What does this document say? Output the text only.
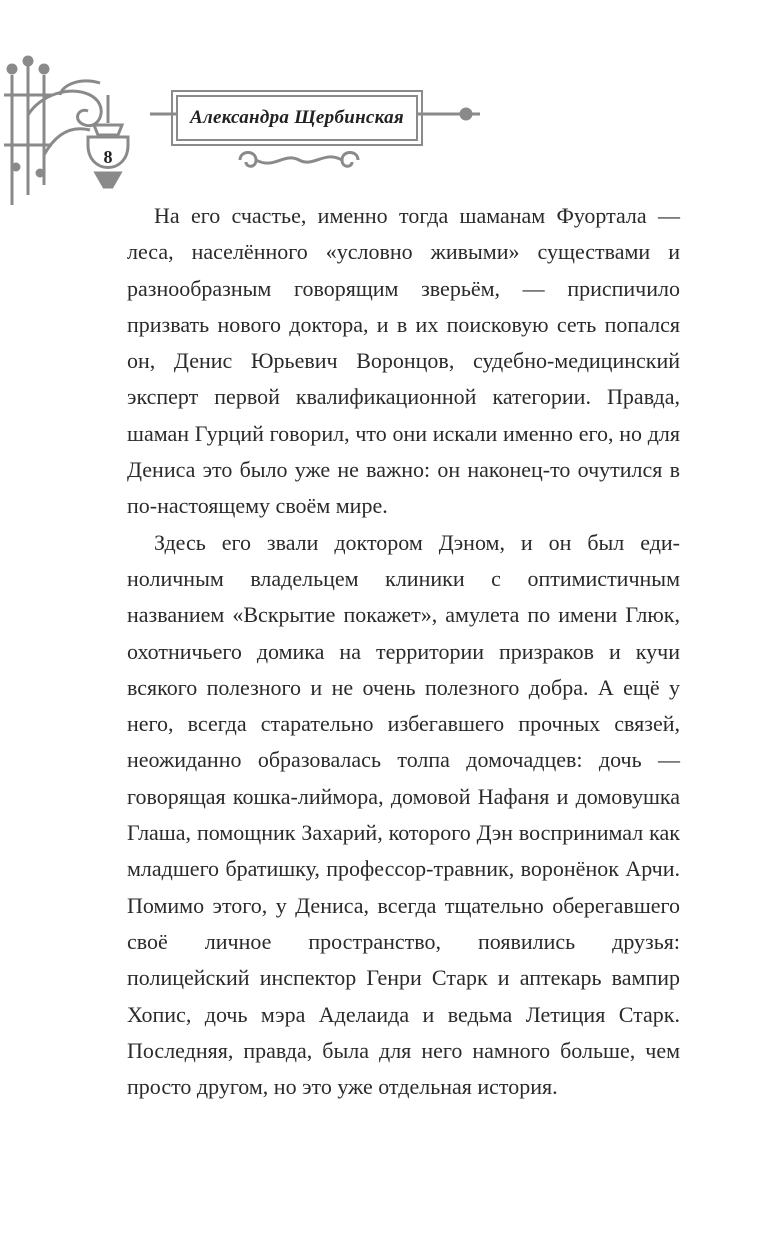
Александра Щербинская
8

На его счастье, именно тогда шаманам Фуортала — леса, населённого «условно живыми» существами и разнообразным говорящим зверьём, — приспичило призвать нового доктора, и в их поисковую сеть попался он, Денис Юрьевич Воронцов, судебно-медицинский эксперт первой квалификационной категории. Правда, шаман Гурций говорил, что они искали именно его, но для Дениса это было уже не важно: он наконец-то очутился в по-настоящему своём мире.

Здесь его звали доктором Дэном, и он был единоличным владельцем клиники с оптимистичным названием «Вскрытие покажет», амулета по имени Глюк, охотничьего домика на территории призраков и кучи всякого полезного и не очень полезного добра. А ещё у него, всегда старательно избегавшего прочных связей, неожиданно образовалась толпа домочадцев: дочь — говорящая кошка-лиймора, домовой Нафаня и домовушка Глаша, помощник Захарий, которого Дэн воспринимал как младшего братишку, профессор-травник, воронёнок Арчи. Помимо этого, у Дениса, всегда тщательно оберегавшего своё личное пространство, появились друзья: полицейский инспектор Генри Старк и аптекарь вампир Хопис, дочь мэра Аделаида и ведьма Летиция Старк. Последняя, правда, была для него намного больше, чем просто другом, но это уже отдельная история.
